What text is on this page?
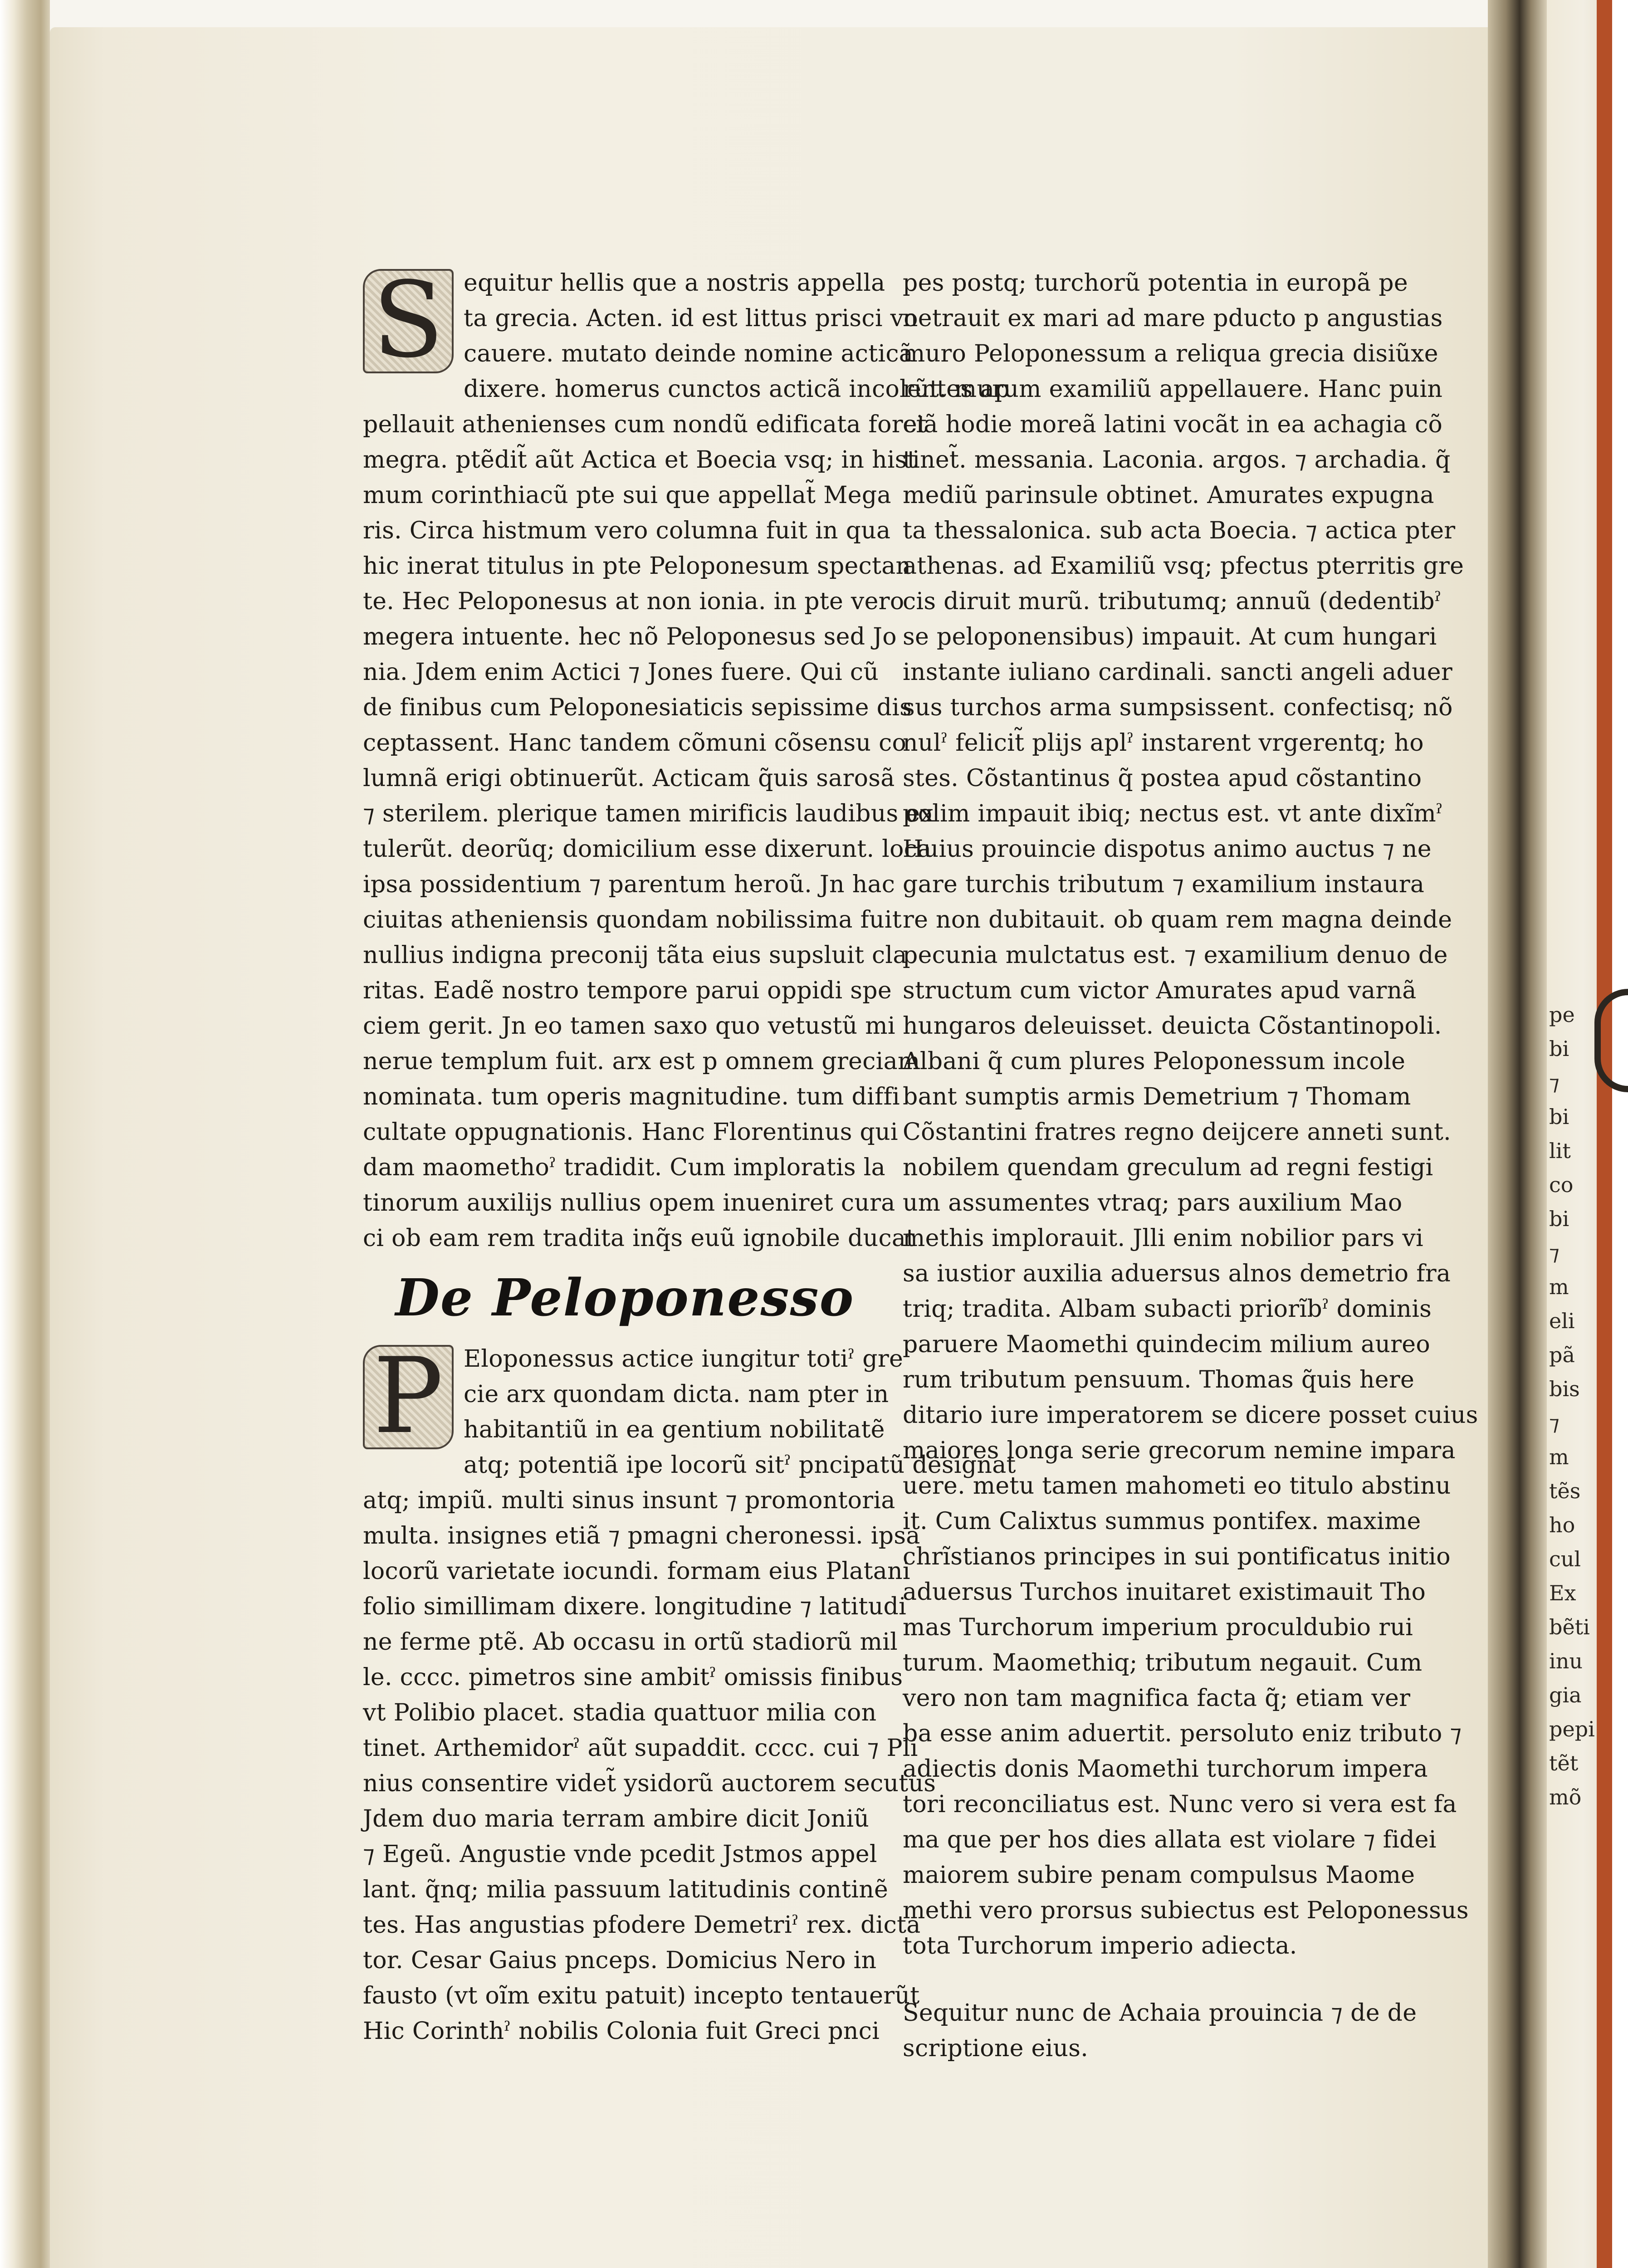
S equitur hellis que a nostris appella
ta grecia. Acten. id est littus prisci vo
cauere. mutato deinde nomine acticã
dixere. homerus cunctos acticã incolentes ap
pellauit athenienses cum nondũ edificata foret
megra. ptẽdit̃ aũt Actica et Boecia vsq; in hist
mum corinthiacũ pte sui que appellat̃ Mega
ris. Circa histmum vero columna fuit in qua
hic inerat titulus in pte Peloponesum spectan
te. Hec Peloponesus at non ionia. in pte vero
megera intuente. hec nõ Peloponesus sed Jo
nia. Jdem enim Actici ⁊ Jones fuere. Qui cũ
de finibus cum Peloponesiaticis sepissime dis
ceptassent. Hanc tandem cõmuni cõsensu co
lumnã erigi obtinuerũt. Acticam q̃uis sarosã
⁊ sterilem. plerique tamen mirificis laudibus ex
tulerũt. deorũq; domicilium esse dixerunt. loca
ipsa possidentium ⁊ parentum heroũ. Jn hac
ciuitas atheniensis quondam nobilissima fuit
nullius indigna preconij tãta eius supsluit cla
ritas. Eadẽ nostro tempore parui oppidi spe
ciem gerit. Jn eo tamen saxo quo vetustũ mi
nerue templum fuit. arx est p omnem greciam
nominata. tum operis magnitudine. tum diffi
cultate oppugnationis. Hanc Florentinus qui
dam maomethoˀ tradidit. Cum imploratis la
tinorum auxilijs nullius opem inueniret cura
ci ob eam rem tradita inq̃s euũ ignobile ducat
De Peloponesso
P Eloponessus actice iungitur totiˀ gre
cie arx quondam dicta. nam pter in
habitantiũ in ea gentium nobilitatẽ
atq; potentiã ipe locorũ sitˀ pncipatũ designat
atq; impiũ. multi sinus insunt ⁊ promontoria
multa. insignes etiã ⁊ pmagni cheronessi. ipsa
locorũ varietate iocundi. formam eius Platani
folio simillimam dixere. longitudine ⁊ latitudi
ne ferme ptẽ. Ab occasu in ortũ stadiorũ mil
le. cccc. pimetros sine ambitˀ omissis finibus
vt Polibio placet. stadia quattuor milia con
tinet. Arthemidorˀ aũt supaddit. cccc. cui ⁊ Pli
nius consentire videt̃ ysidorũ auctorem secutus
Jdem duo maria terram ambire dicit Joniũ
⁊ Egeũ. Angustie vnde pcedit Jstmos appel
lant. q̃nq; milia passuum latitudinis continẽ
tes. Has angustias pfodere Demetriˀ rex. dicta
tor. Cesar Gaius pnceps. Domicius Nero in
fausto (vt oĩm exitu patuit) incepto tentauerũt
Hic Corinthˀ nobilis Colonia fuit Greci pnci
pes postq; turchorũ potentia in europã pe
netrauit ex mari ad mare pducto p angustias
muro Peloponessum a reliqua grecia disiũxe
rũt. murum examiliũ appellauere. Hanc puin
ciã hodie moreã latini vocãt in ea achagia cõ
tinet̃. messania. Laconia. argos. ⁊ archadia. q̃
mediũ parinsule obtinet. Amurates expugna
ta thessalonica. sub acta Boecia. ⁊ actica pter
athenas. ad Examiliũ vsq; pfectus pterritis gre
cis diruit murũ. tributumq; annuũ (dedentibˀ
se peloponensibus) impauit. At cum hungari
instante iuliano cardinali. sancti angeli aduer
sus turchos arma sumpsissent. confectisq; nõ
nulˀ felicit̃ plijs aplˀ instarent vrgerentq; ho
stes. Cõstantinus q̃ postea apud cõstantino
polim impauit ibiq; nectus est. vt ante dixĩmˀ
Huius prouincie dispotus animo auctus ⁊ ne
gare turchis tributum ⁊ examilium instaura
re non dubitauit. ob quam rem magna deinde
pecunia mulctatus est. ⁊ examilium denuo de
structum cum victor Amurates apud varnã
hungaros deleuisset. deuicta Cõstantinopoli.
Albani q̃ cum plures Peloponessum incole
bant sumptis armis Demetrium ⁊ Thomam
Cõstantini fratres regno deijcere anneti sunt.
nobilem quendam greculum ad regni festigi
um assumentes vtraq; pars auxilium Mao
methis implorauit. Jlli enim nobilior pars vi
sa iustior auxilia aduersus alnos demetrio fra
triq; tradita. Albam subacti priorĩbˀ dominis
paruere Maomethi quindecim milium aureo
rum tributum pensuum. Thomas q̃uis here
ditario iure imperatorem se dicere posset cuius
maiores longa serie grecorum nemine impara
uere. metu tamen mahometi eo titulo abstinu
it. Cum Calixtus summus pontifex. maxime
chrĩstianos principes in sui pontificatus initio
aduersus Turchos inuitaret existimauit Tho
mas Turchorum imperium proculdubio rui
turum. Maomethiq; tributum negauit. Cum
vero non tam magnifica facta q̃; etiam ver
ba esse anim aduertit. persoluto eniz tributo ⁊
adiectis donis Maomethi turchorum impera
tori reconciliatus est. Nunc vero si vera est fa
ma que per hos dies allata est violare ⁊ fidei
maiorem subire penam compulsus Maome
methi vero prorsus subiectus est Peloponessus
tota Turchorum imperio adiecta.
Sequitur nunc de Achaia prouincia ⁊ de de
scriptione eius.
pe
bi
⁊
bi
lit
co
bi
⁊
m
eli
pã
bis
⁊
m
tẽs
ho
cul
Ex
bẽti
inu
gia
pepi
tẽt
mõ
